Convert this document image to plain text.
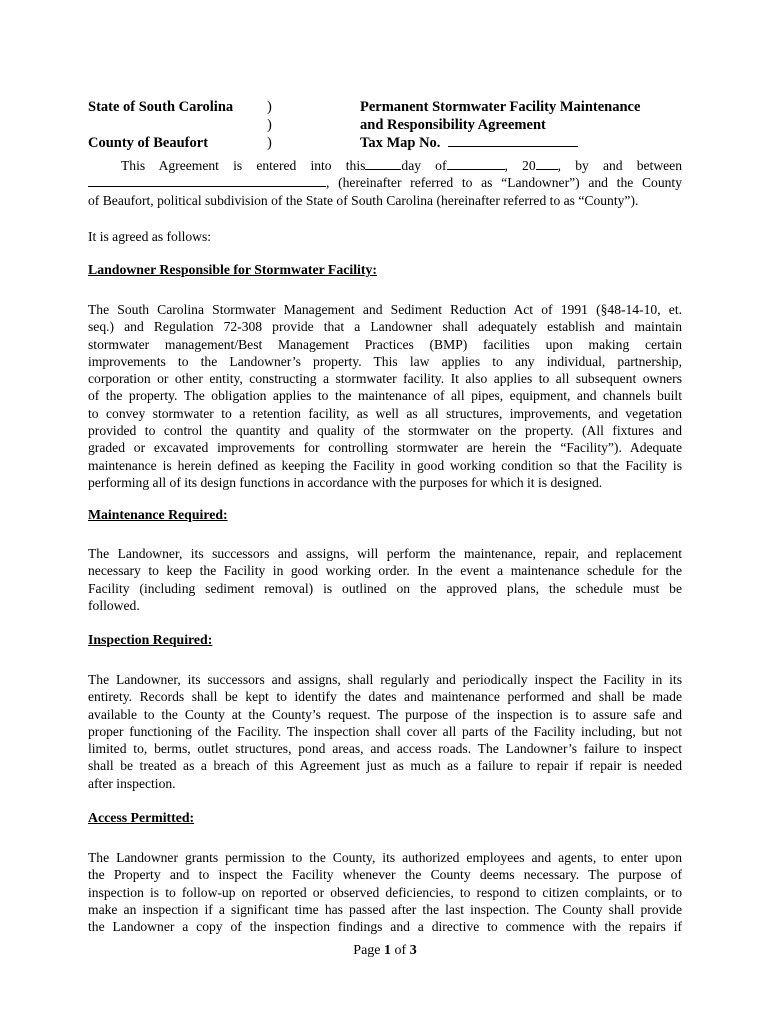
State of South Carolina
County of Beaufort
)
)
)
Permanent Stormwater Facility Maintenance
and Responsibility Agreement
Tax Map No.
This Agreement is entered into this	day of	, 20 , by and between
, (hereinafter referred to as “Landowner”) and the County
of Beaufort, political subdivision of the State of South Carolina (hereinafter referred to as “County”).
It is agreed as follows:
Landowner Responsible for Stormwater Facility:
The South Carolina Stormwater Management and Sediment Reduction Act of 1991 (§48-14-10, et.
seq.) and Regulation 72-308 provide that a Landowner shall adequately establish and maintain
stormwater management/Best Management Practices (BMP) facilities upon making certain
improvements to the Landowner’s property. This law applies to any individual, partnership,
corporation or other entity, constructing a stormwater facility. It also applies to all subsequent owners
of the property. The obligation applies to the maintenance of all pipes, equipment, and channels built
to convey stormwater to a retention facility, as well as all structures, improvements, and vegetation
provided to control the quantity and quality of the stormwater on the property. (All fixtures and
graded or excavated improvements for controlling stormwater are herein the “Facility”). Adequate
maintenance is herein defined as keeping the Facility in good working condition so that the Facility is
performing all of its design functions in accordance with the purposes for which it is designed.
Maintenance Required:
The Landowner, its successors and assigns, will perform the maintenance, repair, and replacement
necessary to keep the Facility in good working order. In the event a maintenance schedule for the
Facility (including sediment removal) is outlined on the approved plans, the schedule must be
followed.
Inspection Required:
The Landowner, its successors and assigns, shall regularly and periodically inspect the Facility in its
entirety. Records shall be kept to identify the dates and maintenance performed and shall be made
available to the County at the County’s request. The purpose of the inspection is to assure safe and
proper functioning of the Facility. The inspection shall cover all parts of the Facility including, but not
limited to, berms, outlet structures, pond areas, and access roads. The Landowner’s failure to inspect
shall be treated as a breach of this Agreement just as much as a failure to repair if repair is needed
after inspection.
Access Permitted:
The Landowner grants permission to the County, its authorized employees and agents, to enter upon
the Property and to inspect the Facility whenever the County deems necessary. The purpose of
inspection is to follow-up on reported or observed deficiencies, to respond to citizen complaints, or to
make an inspection if a significant time has passed after the last inspection. The County shall provide
the Landowner a copy of the inspection findings and a directive to commence with the repairs if
Page 1 of 3
